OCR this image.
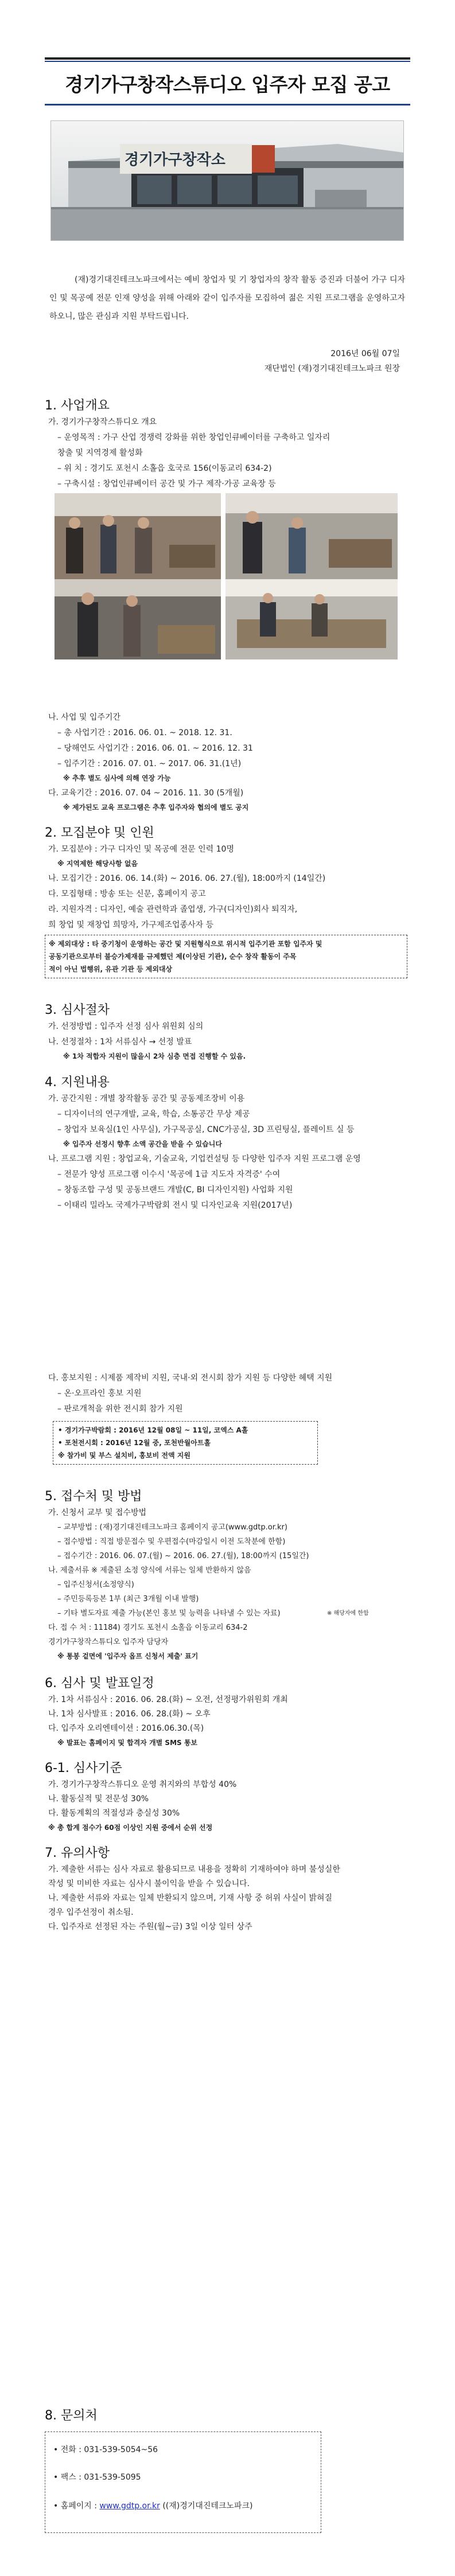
경기가구창작스튜디오 입주자 모집 공고
경기가구창작소
(재)경기대진테크노파크에서는 예비 창업자 및 기 창업자의 창작 활동 증진과 더불어 가구 디자인 및 목공예 전문 인재 양성을 위해 아래와 같이 입주자를 모집하여 젊은 지원 프로그램을 운영하고자 하오니, 많은 관심과 지원 부탁드립니다.
2016년 06월 07일
재단법인 (재)경기대진테크노파크 원장
1. 사업개요
가. 경기가구창작스튜디오 개요
– 운영목적 : 가구 산업 경쟁력 강화를 위한 창업인큐베이터를 구축하고 일자리
창출 및 지역경제 활성화
– 위 치 : 경기도 포천시 소홀읍 호국로 156(이동교리 634-2)
– 구축시설 : 창업인큐베이터 공간 및 가구 제작·가공 교육장 등
나. 사업 및 입주기간
– 총 사업기간 : 2016. 06. 01. ~ 2018. 12. 31.
– 당해연도 사업기간 : 2016. 06. 01. ~ 2016. 12. 31
– 입주기간 : 2016. 07. 01. ~ 2017. 06. 31.(1년)
※ 추후 별도 심사에 의해 연장 가능
다. 교육기간 : 2016. 07. 04 ~ 2016. 11. 30 (5개월)
※ 제가된도 교육 프로그램은 추후 입주자와 협의에 별도 공지
2. 모집분야 및 인원
가. 모집분야 : 가구 디자인 및 목공예 전문 인력 10명
※ 지역제한 해당사항 없음
나. 모집기간 : 2016. 06. 14.(화) ~ 2016. 06. 27.(월), 18:00까지 (14일간)
다. 모집형태 : 방송 또는 신문, 홈페이지 공고
라. 지원자격 : 디자인, 예술 관련학과 졸업생, 가구(디자인)회사 퇴직자,
희 창업 및 재창업 희망자, 가구제조업종사자 등
※ 제외대상 : 타 중기청이 운영하는 공간 및 지원형식으로 위시적 입주기관 포함 입주자 및
공동기관으로부터 불승가제재를 규제했던 제(이상된 기관), 순수 창작 활동이 주목
적이 아닌 법행위, 유관 기관 등 제외대상
3. 심사절차
가. 선정방법 : 입주자 선정 심사 위원회 심의
나. 선정절차 : 1차 서류심사 → 선정 발표
※ 1차 적합자 지원이 많을시 2차 심층 면접 진행할 수 있음.
4. 지원내용
가. 공간지원 : 개별 창작활동 공간 및 공동제조장비 이용
– 디자이너의 연구개발, 교육, 학습, 소통공간 무상 제공
– 창업자 보육실(1인 사무실), 가구목공실, CNC가공실, 3D 프린팅실, 플레이트 실 등
※ 입주자 선정시 향후 소액 공간을 받을 수 있습니다
나. 프로그램 지원 : 창업교육, 기술교육, 기업컨설팅 등 다양한 입주자 지원 프로그램 운영
– 전문가 양성 프로그램 이수시 '목공에 1급 지도자 자격증' 수여
– 창동조합 구성 및 공동브랜드 개발(C, BI 디자인지원) 사업화 지원
– 이태리 밀라노 국제가구박람회 전시 및 디자인교육 지원(2017년)
다. 홍보지원 : 시제품 제작비 지원, 국내·외 전시회 참가 지원 등 다양한 혜택 지원
– 온·오프라인 홍보 지원
– 판로개척을 위한 전시회 참가 지원
• 경기가구박람회 : 2016년 12월 08일 ~ 11일, 코엑스 A홀
• 포천전시회 : 2016년 12월 중, 포천반월아트홀
※ 참가비 및 부스 설치비, 홍보비 전액 지원
5. 접수처 및 방법
가. 신청서 교부 및 접수방법
– 교부방법 : (재)경기대진테크노파크 홈페이지 공고(www.gdtp.or.kr)
– 접수방법 : 직접 방문접수 및 우편접수(마감일시 이전 도착분에 한함)
– 접수기간 : 2016. 06. 07.(월) ~ 2016. 06. 27.(월), 18:00까지 (15일간)
나. 제출서류 ※ 제출된 소정 양식에 서류는 일체 반환하지 않음
– 입주신청서(소정양식)
– 주민등록등본 1부 (최근 3개월 이내 발행)
– 기타 별도자료 제출 가능(본인 홍보 및 능력을 나타낼 수 있는 자료)	※ 해당자에 한함
다. 접 수 처 : 11184) 경기도 포천시 소홀읍 이동교리 634-2
경기가구창작스튜디오 입주자 담당자
※ 통봉 겉면에 '입주자 옵프 신청서 제출' 표기
6. 심사 및 발표일정
가. 1차 서류심사 : 2016. 06. 28.(화) ~ 오전, 선정평가위원회 개최
나. 1차 심사발표 : 2016. 06. 28.(화) ~ 오후
다. 입주자 오리엔테이션 : 2016.06.30.(목)
※ 발표는 홈페이지 및 합격자 개별 SMS 통보
6-1. 심사기준
가. 경기가구창작스튜디오 운영 취지와의 부합성 40%
나. 활동실적 및 전문성 30%
다. 활동계획의 적절성과 충실성 30%
※ 총 합계 점수가 60점 이상인 지원 중에서 순위 선정
7. 유의사항
가. 제출한 서류는 심사 자료로 활용되므로 내용을 정확히 기재하여야 하며 불성실한
작성 및 미비한 자료는 심사시 불이익을 받을 수 있습니다.
나. 제출한 서류와 자료는 일체 반환되지 않으며, 기재 사항 중 허위 사실이 밝혀질
경우 입주선정이 취소됨.
다. 입주자로 선정된 자는 주원(월~금) 3일 이상 일터 상주
8. 문의처
• 전화 : 031-539-5054~56
• 팩스 : 031-539-5095
• 홈페이지 : www.gdtp.or.kr ((재)경기대진테크노파크)
